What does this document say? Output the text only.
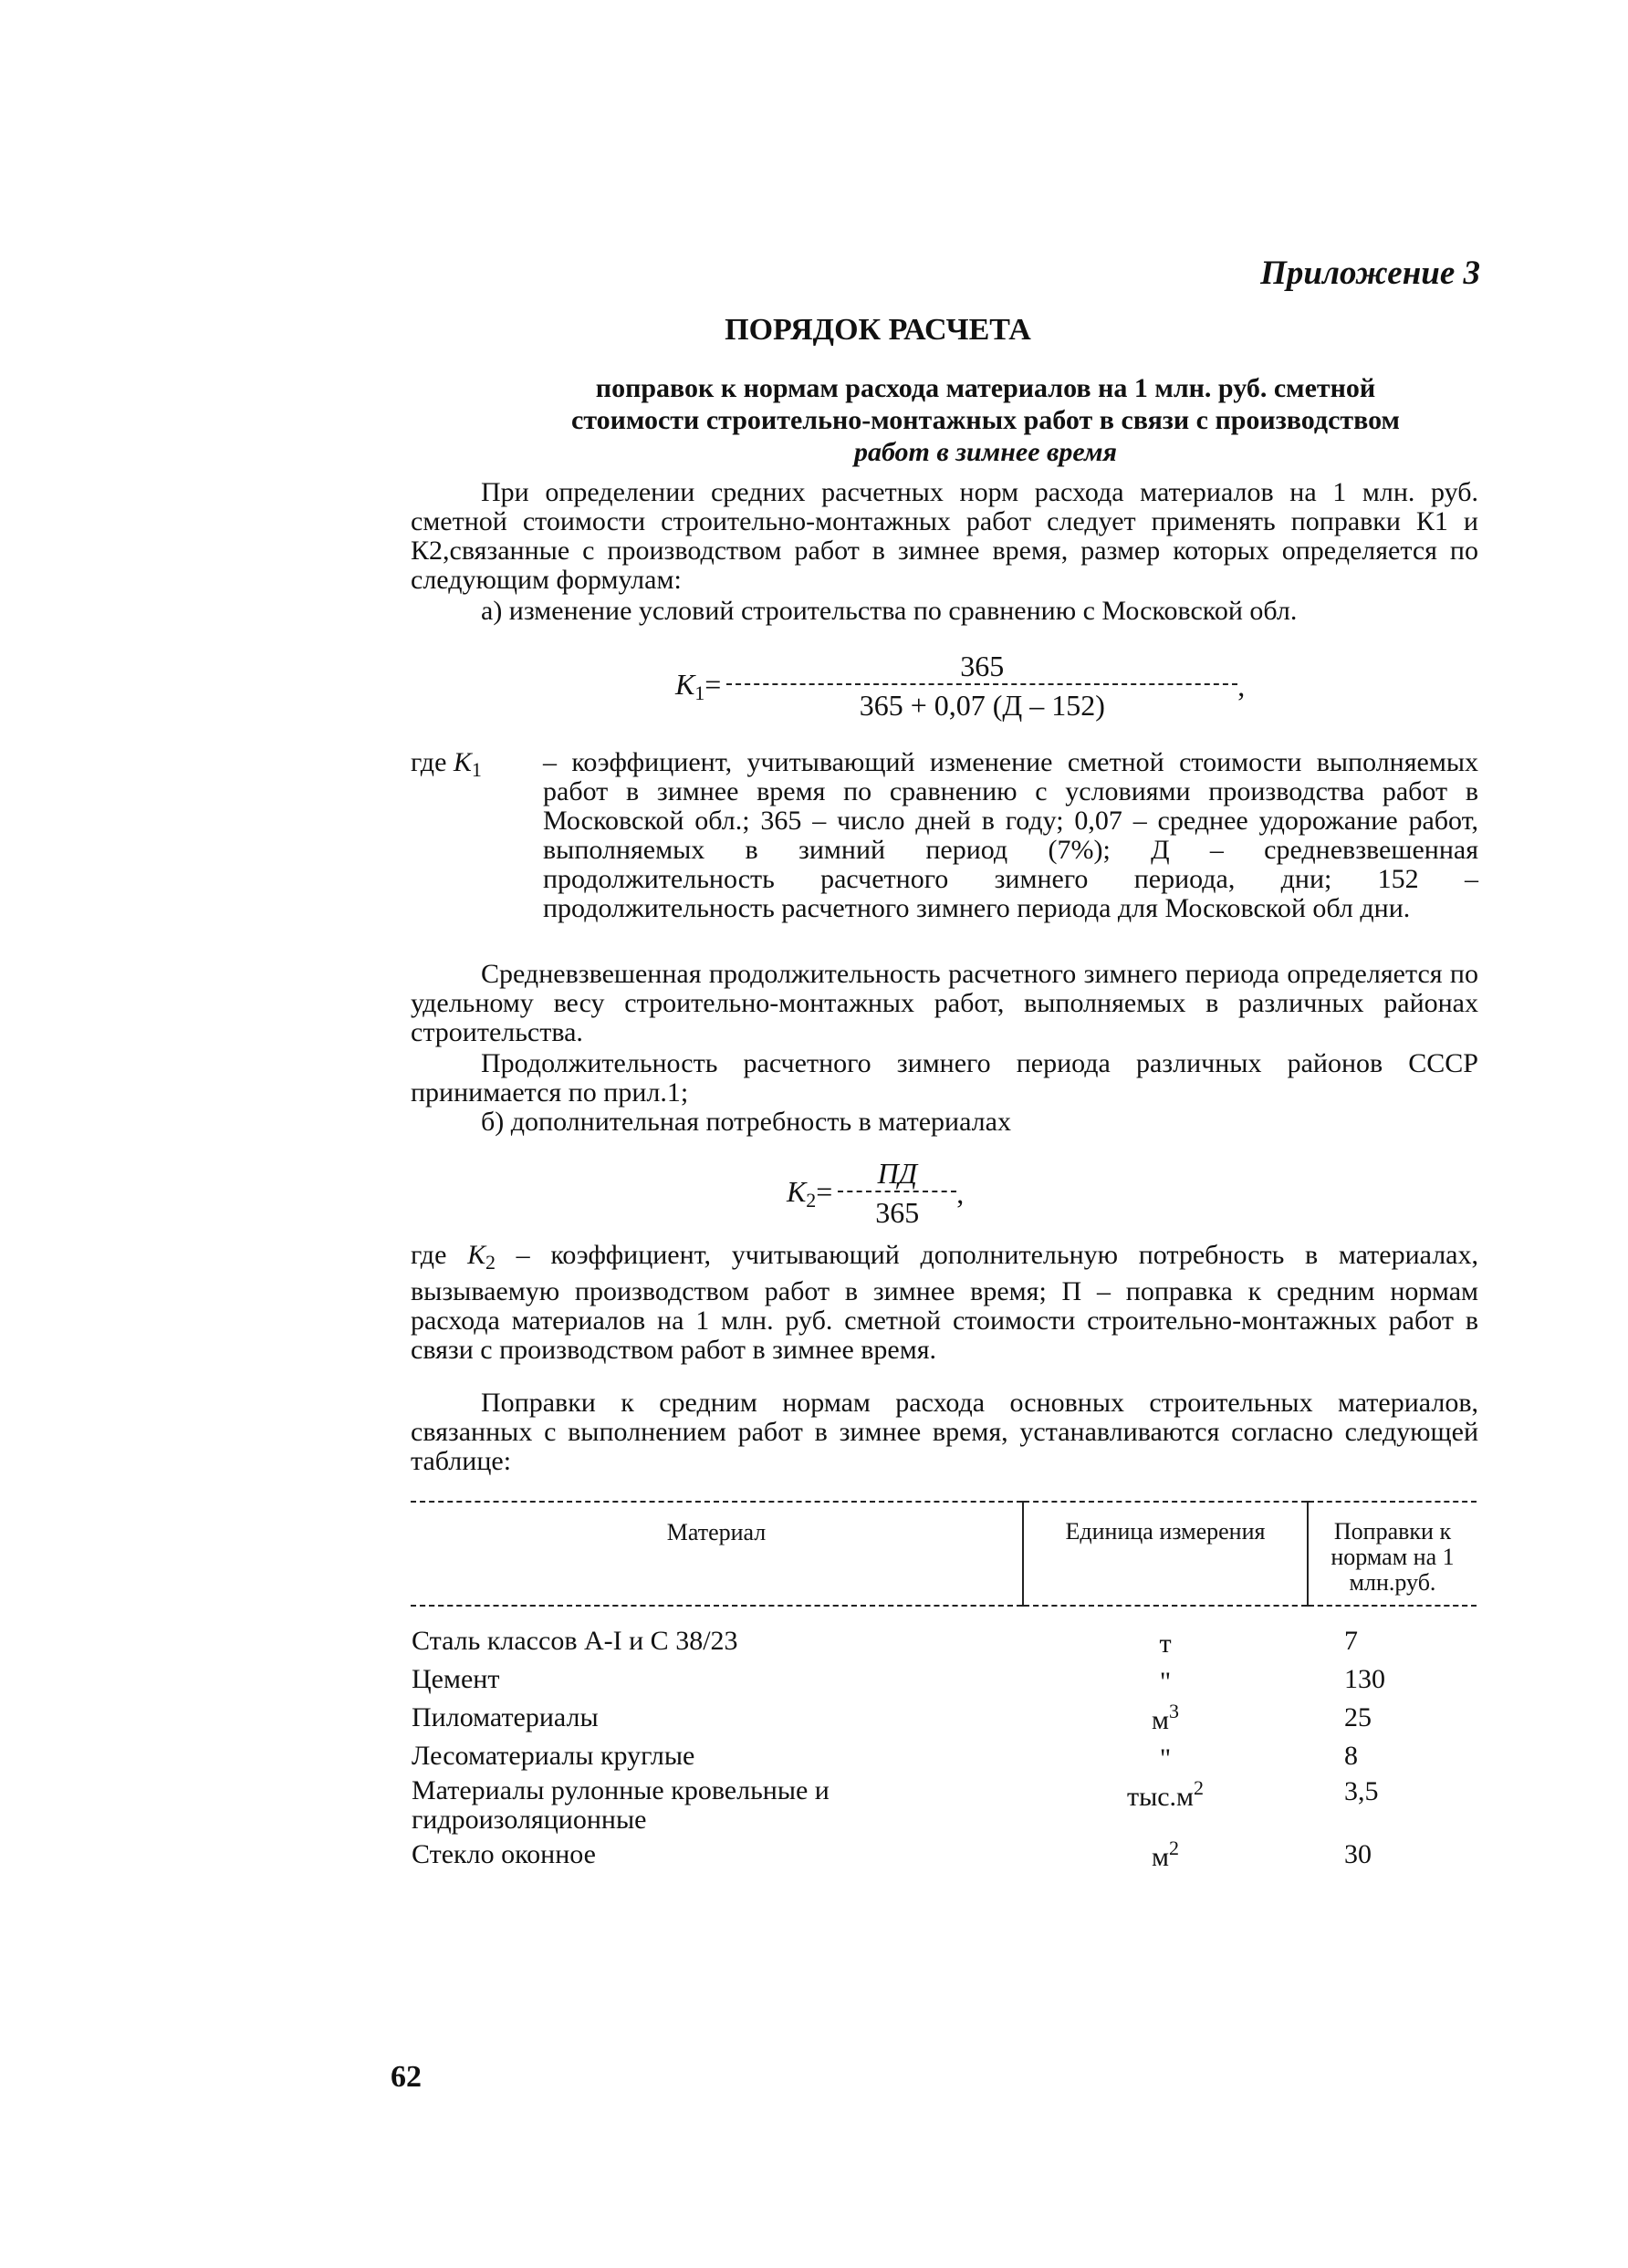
Приложение 3
ПОРЯДОК РАСЧЕТА
поправок к нормам расхода материалов на 1 млн. руб. сметной
стоимости строительно-монтажных работ в связи с производством
работ в зимнее время
При определении средних расчетных норм расхода материалов на 1 млн. руб. сметной стоимости строительно-монтажных работ следует применять поправки К1 и К2,связанные с производством работ в зимнее время, размер которых определяется по следующим формулам:
а) изменение условий строительства по сравнению с Московской обл.
$К_1= \frac{365}{365 + 0,07 (Д - 152)}$ ,
где $К_1$	– коэффициент, учитывающий изменение сметной стоимости выполняемых работ в зимнее время по сравнению с условиями производства работ в Московской обл.; 365 – число дней в году; 0,07 – среднее удорожание работ, выполняемых в зимний период (7%); Д – средневзвешенная продолжительность расчетного зимнего периода, дни; 152 – продолжительность расчетного зимнего периода для Московской обл дни.
Средневзвешенная продолжительность расчетного зимнего периода определяется по удельному весу строительно-монтажных работ, выполняемых в различных районах строительства.
Продолжительность расчетного зимнего периода различных районов СССР принимается по прил.1;
б) дополнительная потребность в материалах
$К_2= \frac{ПД}{365}$ ,
где $К_2$ – коэффициент, учитывающий дополнительную потребность в материалах, вызываемую производством работ в зимнее время; П – поправка к средним нормам расхода материалов на 1 млн. руб. сметной стоимости строительно-монтажных работ в связи с производством работ в зимнее время.
Поправки к средним нормам расхода основных строительных материалов, связанных с выполнением работ в зимнее время, устанавливаются согласно следующей таблице:
Материал	Единица измерения	Поправки к нормам на 1 млн.руб.
Сталь классов А-I и С 38/23	т	7
Цемент	"	130
Пиломатериалы	$м^3$	25
Лесоматериалы круглые	"	8
Материалы рулонные кровельные и гидроизоляционные	$тыс.м^2$	3,5
Стекло оконное	$м^2$	30
62
